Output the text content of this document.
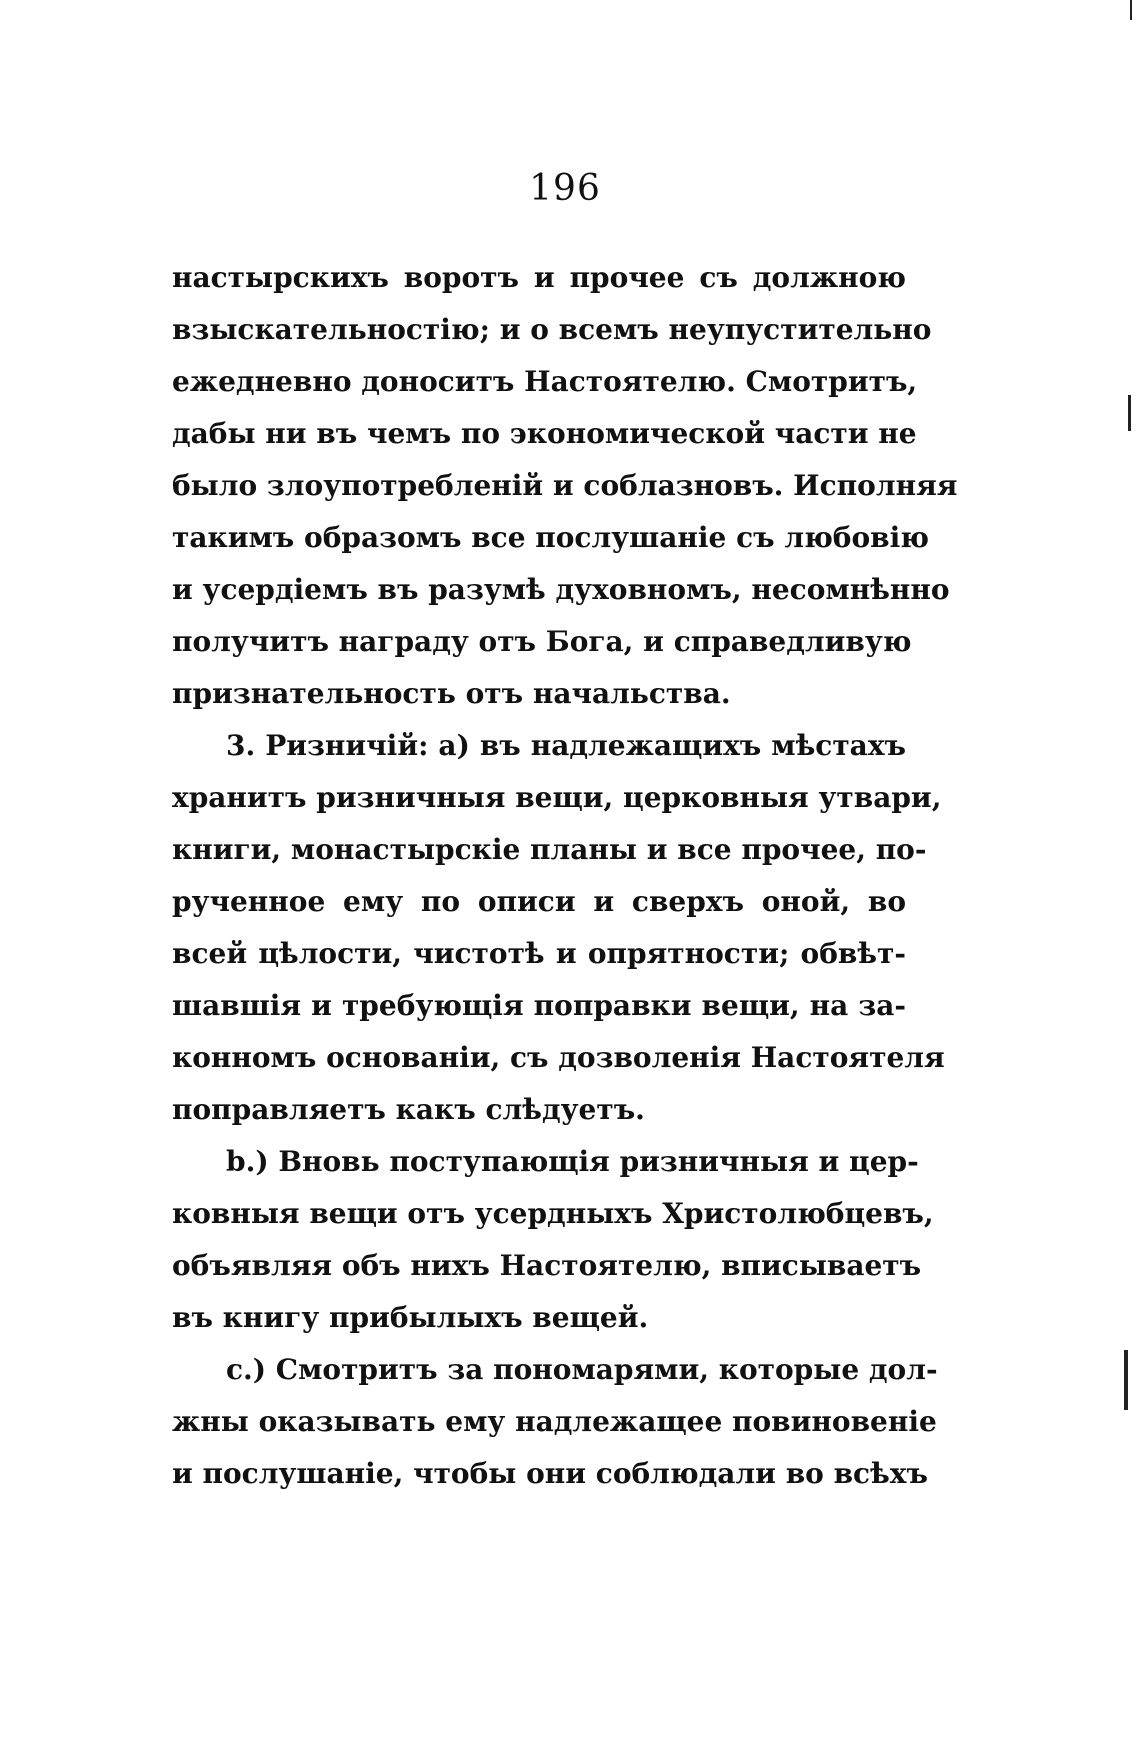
196
настырскихъ воротъ и прочее съ должною
взыскательностію; и о всемъ неупустительно
ежедневно доноситъ Настоятелю. Смотритъ,
дабы ни въ чемъ по экономической части не
было злоупотребленій и соблазновъ. Исполняя
такимъ образомъ все послушаніе съ любовію
и усердіемъ въ разумѣ духовномъ, несомнѣнно
получитъ награду отъ Бога, и справедливую
признательность отъ начальства.
3. Ризничій: a) въ надлежащихъ мѣстахъ
хранитъ ризничныя вещи, церковныя утвари,
книги, монастырскіе планы и все прочее, по-
рученное ему по описи и сверхъ оной, во
всей цѣлости, чистотѣ и опрятности; обвѣт-
шавшія и требующія поправки вещи, на за-
конномъ основаніи, съ дозволенія Настоятеля
поправляетъ какъ слѣдуетъ.
b.) Вновь поступающія ризничныя и цер-
ковныя вещи отъ усердныхъ Христолюбцевъ,
объявляя объ нихъ Настоятелю, вписываетъ
въ книгу прибылыхъ вещей.
c.) Смотритъ за пономарями, которые дол-
жны оказывать ему надлежащее повиновеніе
и послушаніе, чтобы они соблюдали во всѣхъ
